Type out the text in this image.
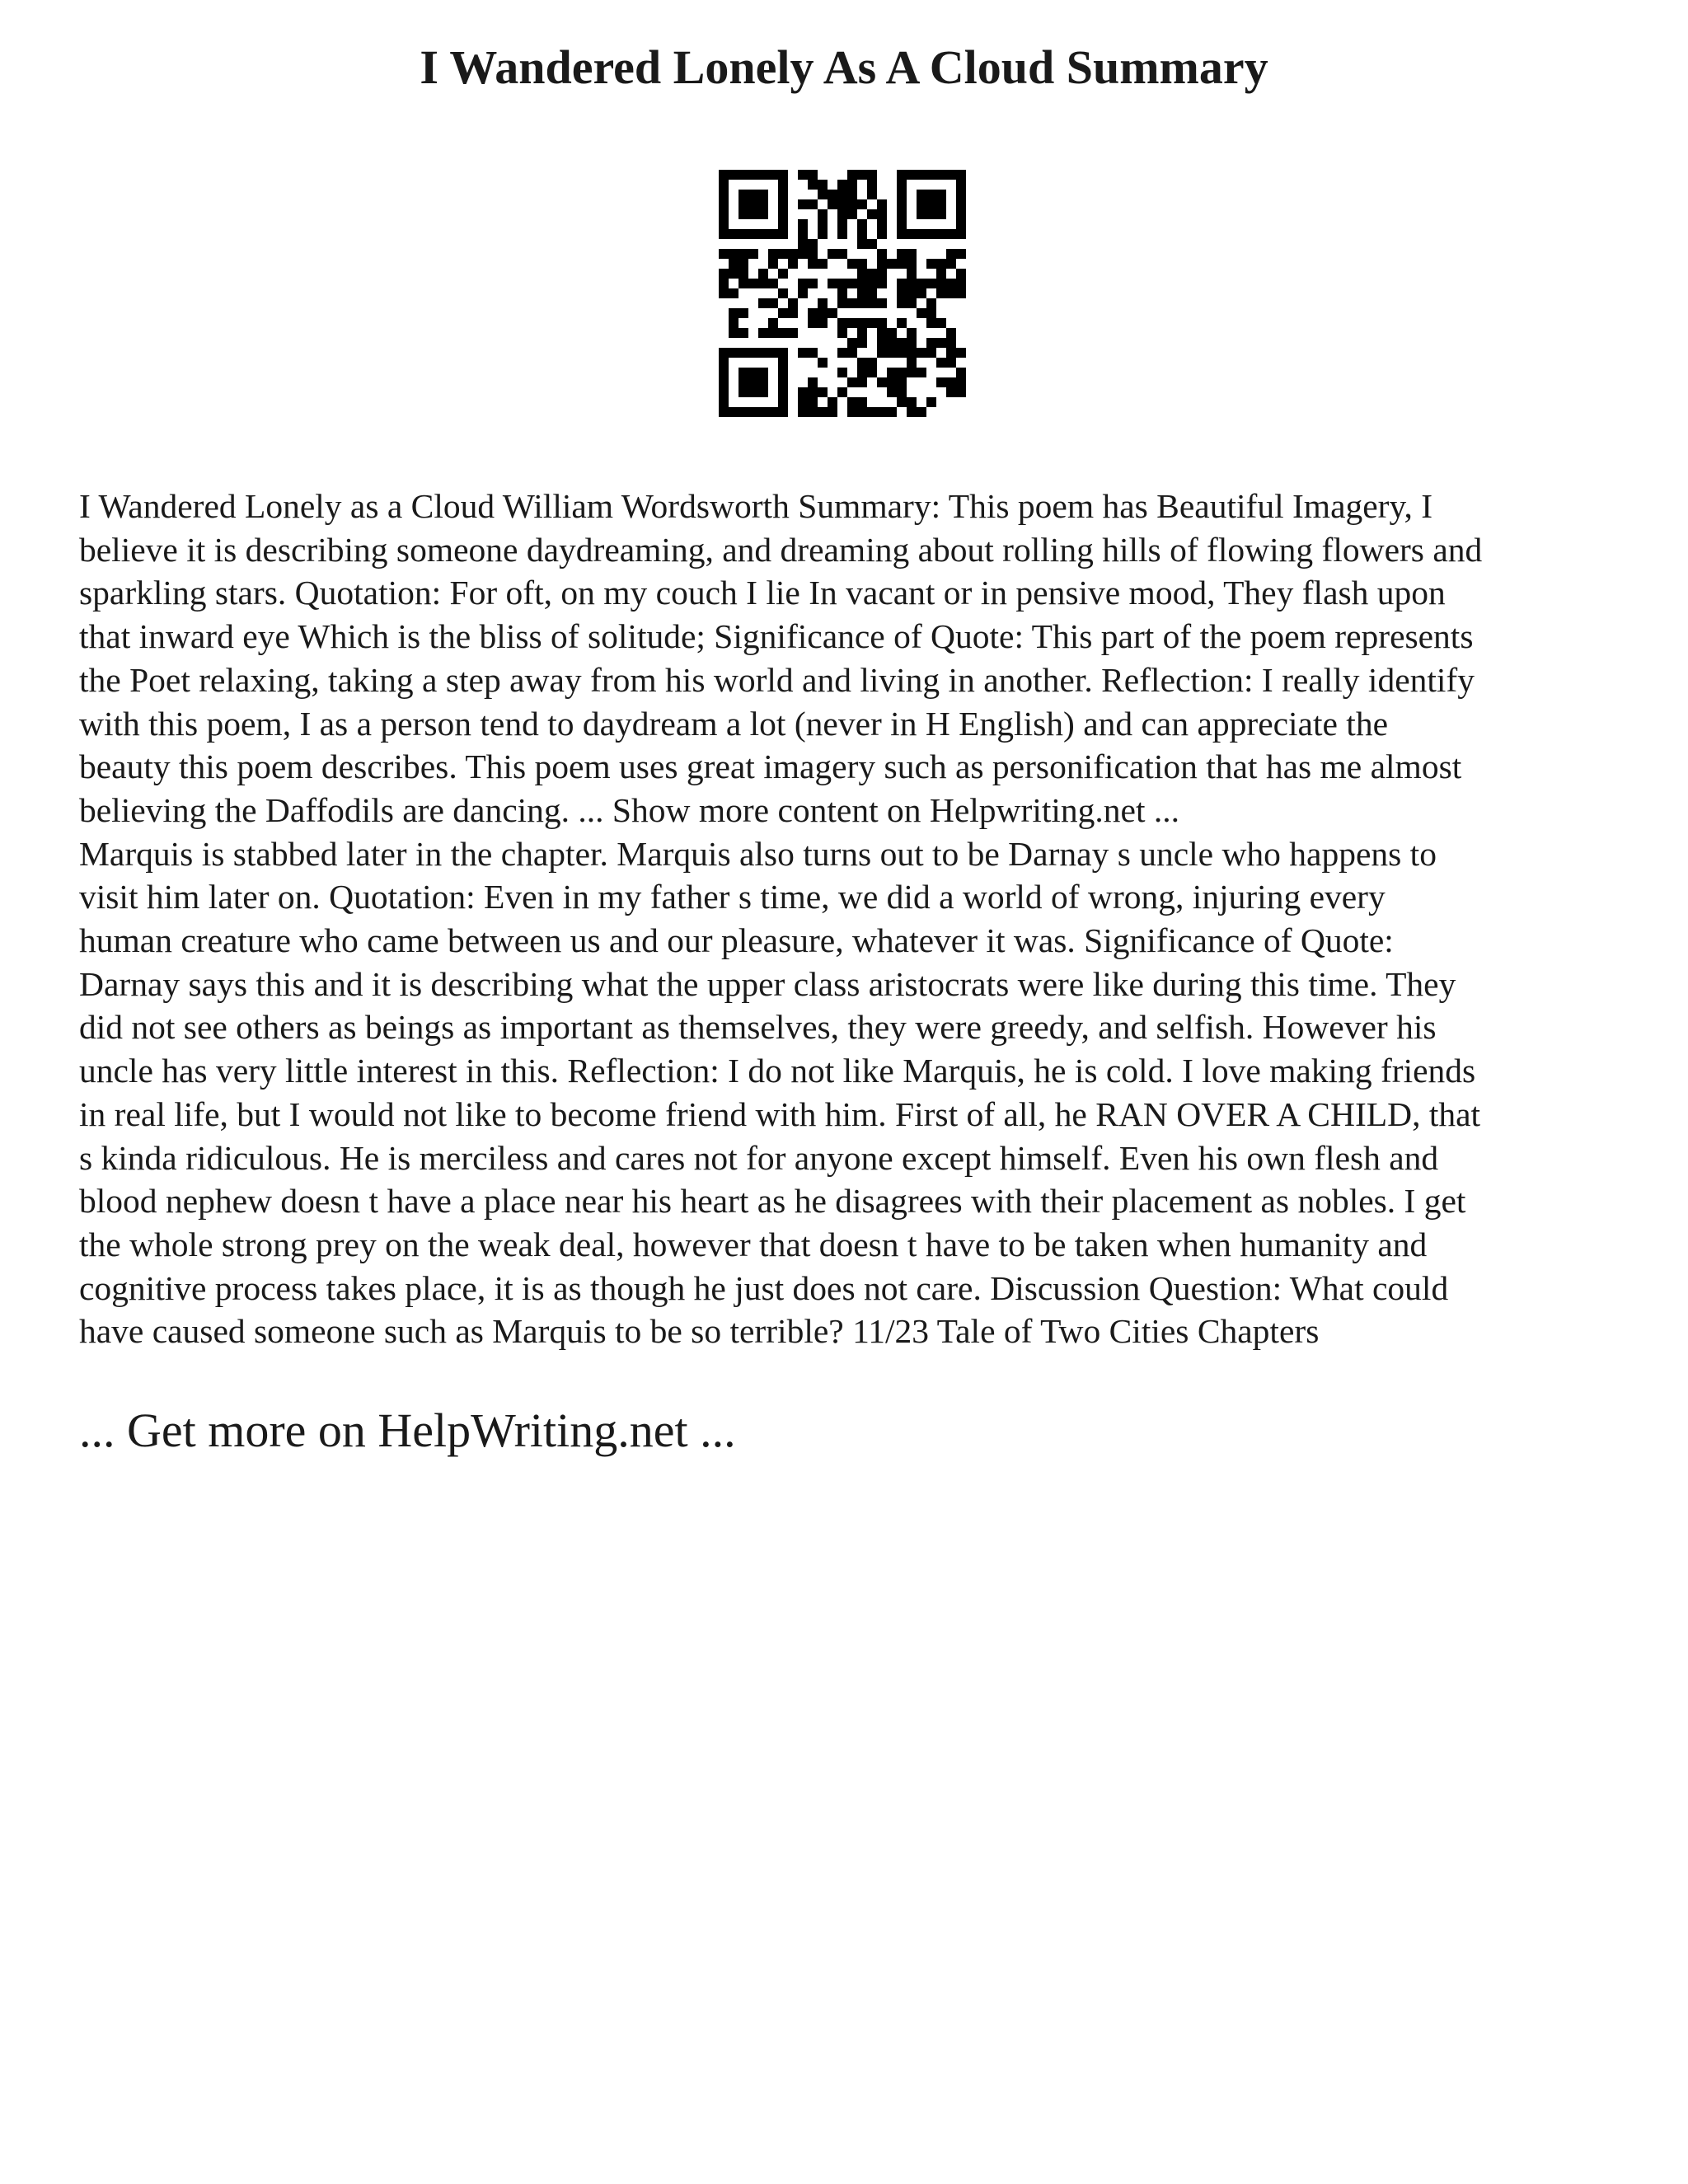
I Wandered Lonely As A Cloud Summary

I Wandered Lonely as a Cloud William Wordsworth Summary: This poem has Beautiful Imagery, I
believe it is describing someone daydreaming, and dreaming about rolling hills of flowing flowers and
sparkling stars. Quotation: For oft, on my couch I lie In vacant or in pensive mood, They flash upon
that inward eye Which is the bliss of solitude; Significance of Quote: This part of the poem represents
the Poet relaxing, taking a step away from his world and living in another. Reflection: I really identify
with this poem, I as a person tend to daydream a lot (never in H English) and can appreciate the
beauty this poem describes. This poem uses great imagery such as personification that has me almost
believing the Daffodils are dancing. ... Show more content on Helpwriting.net ...
Marquis is stabbed later in the chapter. Marquis also turns out to be Darnay s uncle who happens to
visit him later on. Quotation: Even in my father s time, we did a world of wrong, injuring every
human creature who came between us and our pleasure, whatever it was. Significance of Quote:
Darnay says this and it is describing what the upper class aristocrats were like during this time. They
did not see others as beings as important as themselves, they were greedy, and selfish. However his
uncle has very little interest in this. Reflection: I do not like Marquis, he is cold. I love making friends
in real life, but I would not like to become friend with him. First of all, he RAN OVER A CHILD, that
s kinda ridiculous. He is merciless and cares not for anyone except himself. Even his own flesh and
blood nephew doesn t have a place near his heart as he disagrees with their placement as nobles. I get
the whole strong prey on the weak deal, however that doesn t have to be taken when humanity and
cognitive process takes place, it is as though he just does not care. Discussion Question: What could
have caused someone such as Marquis to be so terrible? 11/23 Tale of Two Cities Chapters

... Get more on HelpWriting.net ...
